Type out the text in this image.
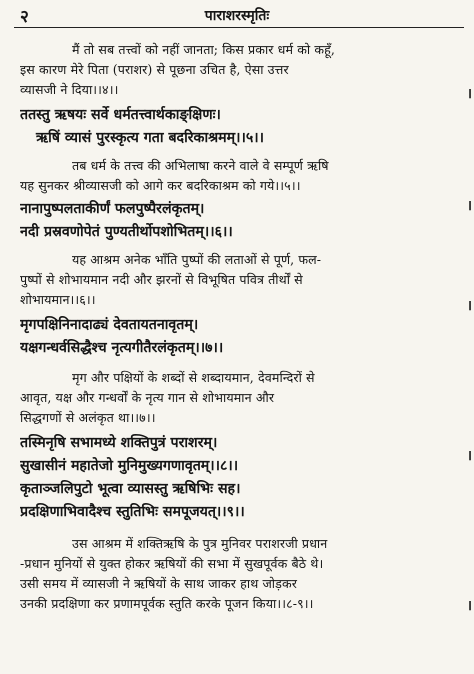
२	पाराशरस्मृतिः
मैं तो सब तत्त्वों को नहीं जानता; किस प्रकार धर्म को कहूँ,
इस कारण मेरे पिता (पराशर) से पूछना उचित है, ऐसा उत्तर
व्यासजी ने दिया।।४।।
ततस्तु ऋषयः सर्वे धर्मतत्त्वार्थकाङ्क्षिणः।
ऋषिं व्यासं पुरस्कृत्य गता बदरिकाश्रमम्।।५।।
तब धर्म के तत्त्व की अभिलाषा करने वाले वे सम्पूर्ण ऋषि
यह सुनकर श्रीव्यासजी को आगे कर बदरिकाश्रम को गये।।५।।
नानापुष्पलताकीर्णं फलपुष्पैरलंकृतम्।
नदी प्रस्रवणोपेतं पुण्यतीर्थोपशोभितम्।।६।।
यह आश्रम अनेक भाँति पुष्पों की लताओं से पूर्ण, फल-
पुष्पों से शोभायमान नदी और झरनों से विभूषित पवित्र तीर्थों से
शोभायमान।।६।।
मृगपक्षिनिनादाढ्यं देवतायतनावृतम्।
यक्षगन्धर्वसिद्धैश्च नृत्यगीतैरलंकृतम्।।७।।
मृग और पक्षियों के शब्दों से शब्दायमान, देवमन्दिरों से
आवृत, यक्ष और गन्धर्वों के नृत्य गान से शोभायमान और
सिद्धगणों से अलंकृत था।।७।।
तस्मिनृषि सभामध्ये शक्तिपुत्रं पराशरम्।
सुखासीनं महातेजो मुनिमुख्यगणावृतम्।।८।।
कृताञ्जलिपुटो भूत्वा व्यासस्तु ऋषिभिः सह।
प्रदक्षिणाभिवादैश्च स्तुतिभिः समपूजयत्।।९।।
उस आश्रम में शक्तिऋषि के पुत्र मुनिवर पराशरजी प्रधान
-प्रधान मुनियों से युक्त होकर ऋषियों की सभा में सुखपूर्वक बैठे थे।
उसी समय में व्यासजी ने ऋषियों के साथ जाकर हाथ जोड़कर
उनकी प्रदक्षिणा कर प्रणामपूर्वक स्तुति करके पूजन किया।।८-९।।
।
।
।
।
।
